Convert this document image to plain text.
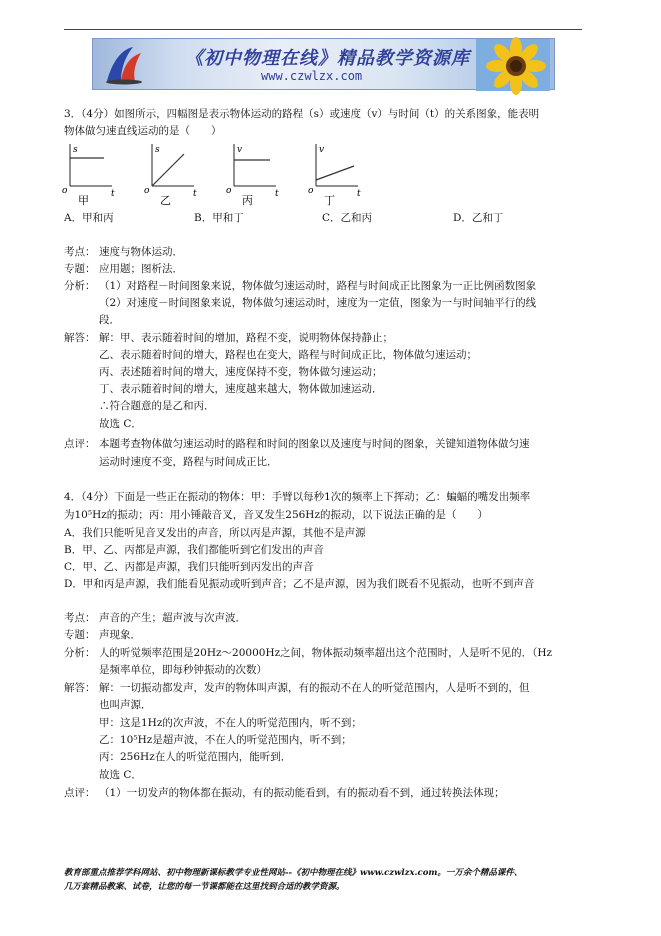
《初中物理在线》精品教学资源库
www.czwlzx.com
3．（4分）如图所示，四幅图是表示物体运动的路程（s）或速度（v）与时间（t）的关系图象，能表明
物体做匀速直线运动的是（　　）
s
o	t
甲
s
o	t
乙
v
o	t
丙
v
o	t
丁
A．甲和丙	B．甲和丁	C．乙和丙	D．乙和丁
考点： 速度与物体运动．
专题： 应用题；图析法．
分析： （1）对路程－时间图象来说，物体做匀速运动时，路程与时间成正比图象为一正比例函数图象
（2）对速度－时间图象来说，物体做匀速运动时，速度为一定值，图象为一与时间轴平行的线
段．
解答： 解：甲、表示随着时间的增加，路程不变，说明物体保持静止；
乙、表示随着时间的增大，路程也在变大，路程与时间成正比，物体做匀速运动；
丙、表述随着时间的增大，速度保持不变，物体做匀速运动；
丁、表示随着时间的增大，速度越来越大，物体做加速运动．
∴符合题意的是乙和丙．
故选 C．
点评： 本题考查物体做匀速运动时的路程和时间的图象以及速度与时间的图象，关键知道物体做匀速
运动时速度不变，路程与时间成正比．
4．（4分）下面是一些正在振动的物体：甲：手臂以每秒1次的频率上下挥动；乙：蝙蝠的嘴发出频率
为10⁵Hz的振动；丙：用小锤敲音叉，音叉发生256Hz的振动，以下说法正确的是（　　）
A．我们只能听见音叉发出的声音，所以丙是声源，其他不是声源
B．甲、乙、丙都是声源，我们都能听到它们发出的声音
C．甲、乙、丙都是声源，我们只能听到丙发出的声音
D．甲和丙是声源，我们能看见振动或听到声音；乙不是声源，因为我们既看不见振动，也听不到声音
考点： 声音的产生；超声波与次声波．
专题： 声现象．
分析： 人的听觉频率范围是20Hz～20000Hz之间，物体振动频率超出这个范围时，人是听不见的．（Hz
是频率单位，即每秒钟振动的次数）
解答： 解：一切振动都发声，发声的物体叫声源，有的振动不在人的听觉范围内，人是听不到的，但
也叫声源．
甲：这是1Hz的次声波，不在人的听觉范围内，听不到；
乙：10⁵Hz是超声波，不在人的听觉范围内，听不到；
丙：256Hz在人的听觉范围内，能听到．
故选 C．
点评： （1）一切发声的物体都在振动，有的振动能看到，有的振动看不到，通过转换法体现；
教育部重点推荐学科网站、初中物理新课标教学专业性网站--《初中物理在线》www.czwlzx.com。一万余个精品课件、
几万套精品教案、试卷，让您的每一节课都能在这里找到合适的教学资源。
